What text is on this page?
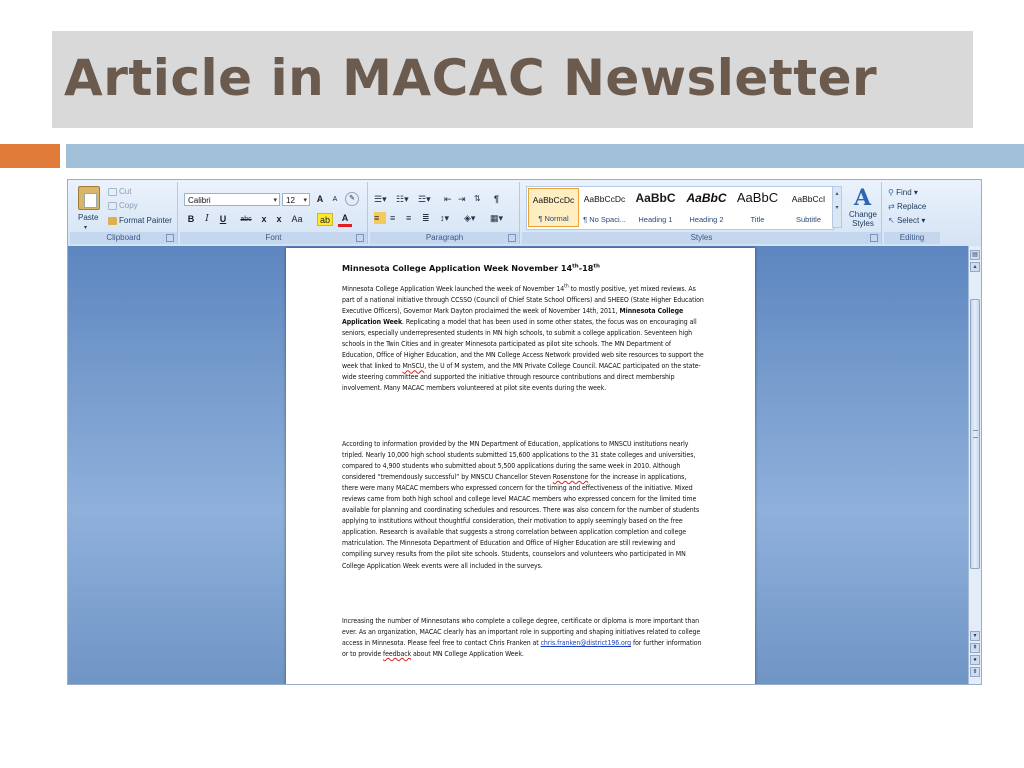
Article in MACAC Newsletter
Paste
▾
Cut
Copy
Format Painter
Clipboard
Calibri	▾	12 ▾	A	A	✎
B	I	U	abc	x	x	Aa	ab	A
Font
☰▾ ☷▾ ☲▾ ⇤ ⇥ ⇅ ¶
≡	≡ ≡ ≣ ↕▾ ◈▾ ▦▾
Paragraph
AaBbCcDc
¶ Normal
AaBbCcDc
¶ No Spaci...
AaBbC
Heading 1
AaBbC
Heading 2
AaBbC
Title
AaBbCcI
Subtitle
▴
▾ A
Change Styles
Styles
⚲ Find ▾
⇄ Replace
↖ Select ▾
Editing
Minnesota College Application Week November 14th-18th

Minnesota College Application Week launched the week of November 14th to mostly positive, yet mixed reviews. As part of a national initiative through CCSSO (Council of Chief State School Officers) and SHEEO (State Higher Education Executive Officers), Governor Mark Dayton proclaimed the week of November 14th, 2011, Minnesota College Application Week. Replicating a model that has been used in some other states, the focus was on encouraging all seniors, especially underrepresented students in MN high schools, to submit a college application. Seventeen high schools in the Twin Cities and in greater Minnesota participated as pilot site schools. The MN Department of Education, Office of Higher Education, and the MN College Access Network provided web site resources to support the week that linked to MnSCU, the U of M system, and the MN Private College Council. MACAC participated on the state-wide steering committee and supported the initiative through resource contributions and direct membership involvement. Many MACAC members volunteered at pilot site events during the week.

According to information provided by the MN Department of Education, applications to MNSCU institutions nearly tripled. Nearly 10,000 high school students submitted 15,600 applications to the 31 state colleges and universities, compared to 4,900 students who submitted about 5,500 applications during the same week in 2010. Although considered “tremendously successful” by MNSCU Chancellor Steven Rosenstone for the increase in applications, there were many MACAC members who expressed concern for the timing and effectiveness of the initiative. Mixed reviews came from both high school and college level MACAC members who expressed concern for the limited time available for planning and coordinating schedules and resources. There was also concern for the number of students applying to institutions without thoughtful consideration, their motivation to apply seemingly based on the free application. Research is available that suggests a strong correlation between application completion and college matriculation. The Minnesota Department of Education and Office of Higher Education are still reviewing and compiling survey results from the pilot site schools. Students, counselors and volunteers who participated in MN College Application Week events were all included in the surveys.

Increasing the number of Minnesotans who complete a college degree, certificate or diploma is more important than ever. As an organization, MACAC clearly has an important role in supporting and shaping initiatives related to college access in Minnesota. Please feel free to contact Chris Franken at chris.franken@district196.org for further information or to provide feedback about MN College Application Week.

▤
▴
▾
⇞
●
⇟
